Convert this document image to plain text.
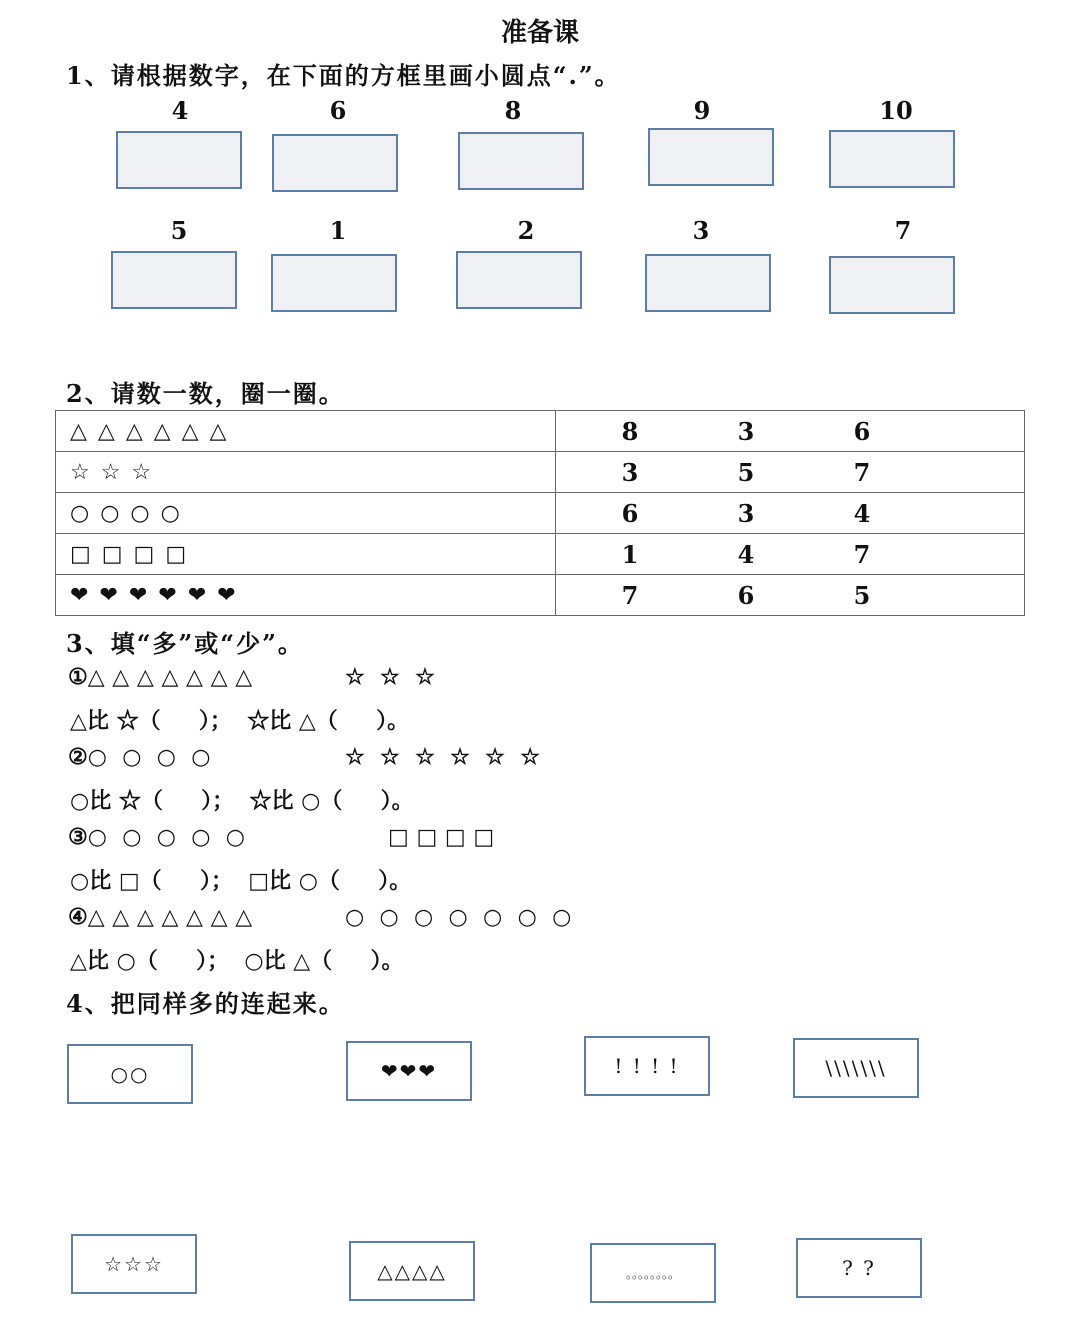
准备课
1、请根据数字，在下面的方框里画小圆点“.”。
4	6	8	9	10
5	1	2	3	7
2、请数一数，圈一圈。
△ △ △ △ △ △	8 3 6

☆ ☆ ☆	3 5 7

○ ○ ○ ○	6 3 4

□ □ □ □	1 4 7

❤ ❤ ❤ ❤ ❤ ❤	7 6 5
3、填“多”或“少”。
①△ △ △ △ △ △ △	☆  ☆  ☆
△比 ☆（     ）；  ☆比 △（     ）。
②○  ○  ○  ○	☆  ☆  ☆  ☆  ☆  ☆
○比 ☆（     ）；  ☆比 ○（     ）。
③○  ○  ○  ○  ○	□ □ □ □
○比 □（     ）；  □比 ○（     ）。
④△ △ △ △ △ △ △	○  ○  ○  ○  ○  ○  ○
△比 ○（     ）；  ○比 △（     ）。
4、把同样多的连起来。
○○	❤❤❤	! ! ! !	\\\\\\\
☆☆☆	△△△△	。。。。。。。。	? ?
